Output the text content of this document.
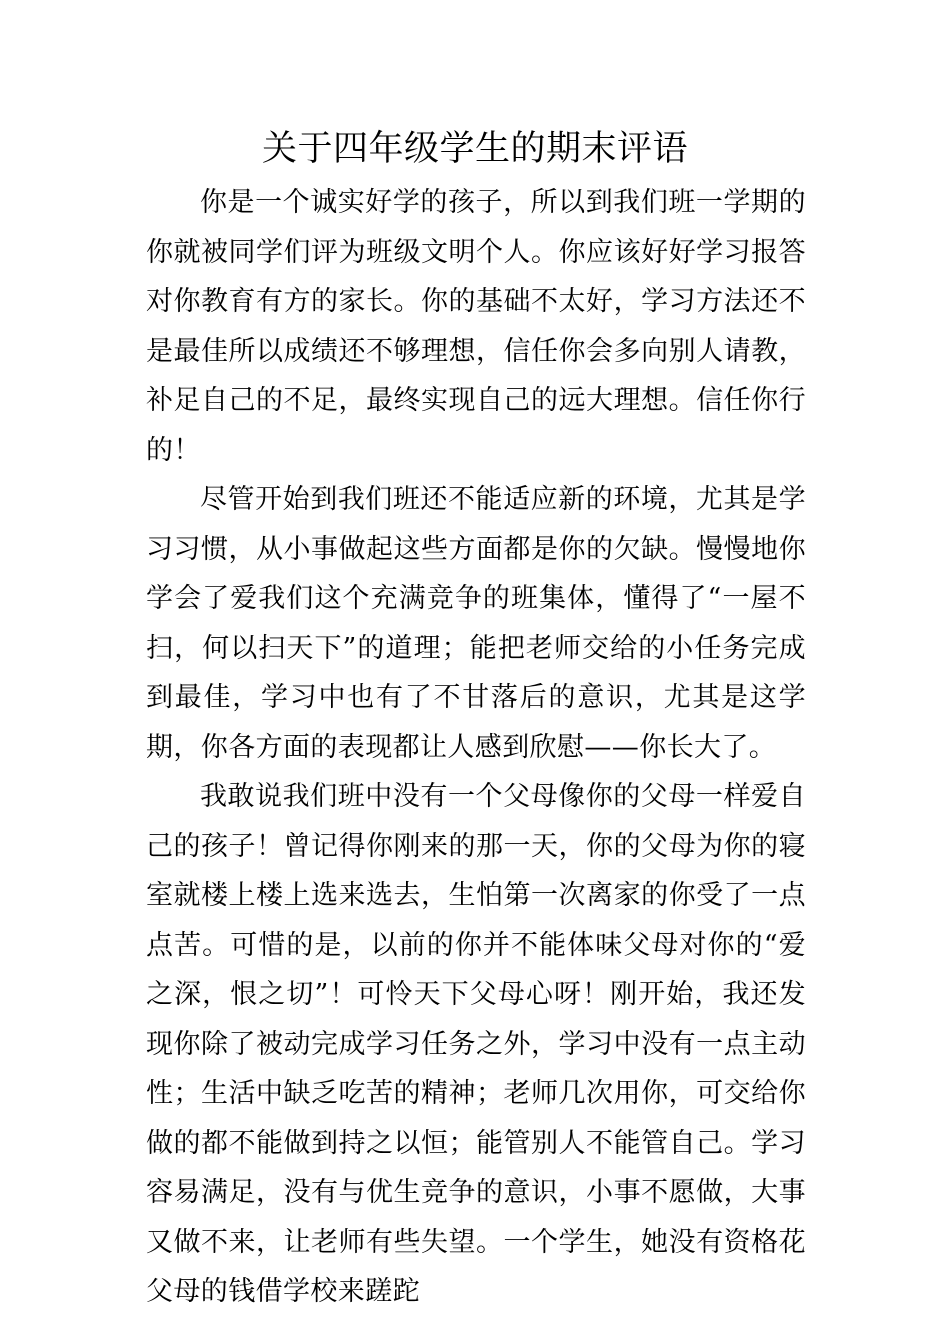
关于四年级学生的期末评语

你是一个诚实好学的孩子，所以到我们班一学期的你就被同学们评为班级文明个人。你应该好好学习报答对你教育有方的家长。你的基础不太好，学习方法还不是最佳所以成绩还不够理想，信任你会多向别人请教，补足自己的不足，最终实现自己的远大理想。信任你行的！

尽管开始到我们班还不能适应新的环境，尤其是学习习惯，从小事做起这些方面都是你的欠缺。慢慢地你学会了爱我们这个充满竞争的班集体，懂得了“一屋不扫，何以扫天下”的道理；能把老师交给的小任务完成到最佳，学习中也有了不甘落后的意识，尤其是这学期，你各方面的表现都让人感到欣慰——你长大了。

我敢说我们班中没有一个父母像你的父母一样爱自己的孩子！曾记得你刚来的那一天，你的父母为你的寝室就楼上楼上选来选去，生怕第一次离家的你受了一点点苦。可惜的是，以前的你并不能体味父母对你的“爱之深，恨之切”！可怜天下父母心呀！刚开始，我还发现你除了被动完成学习任务之外，学习中没有一点主动性；生活中缺乏吃苦的精神；老师几次用你，可交给你做的都不能做到持之以恒；能管别人不能管自己。学习容易满足，没有与优生竞争的意识，小事不愿做，大事又做不来，让老师有些失望。一个学生，她没有资格花父母的钱借学校来蹉跎
